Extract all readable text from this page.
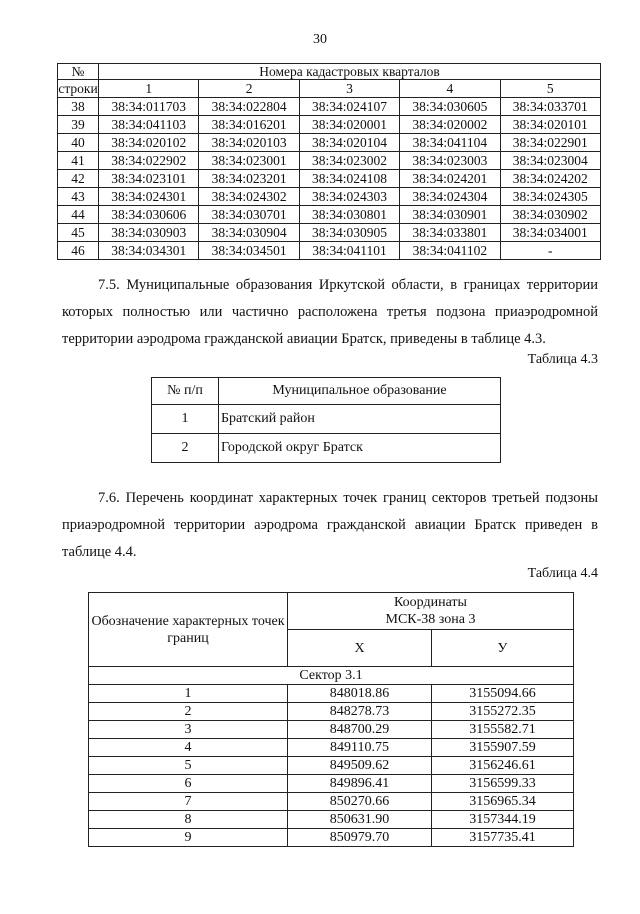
30
№	Номера кадастровых кварталов				
строки	1	2	3	4	5
38	38:34:011703	38:34:022804	38:34:024107	38:34:030605	38:34:033701
39	38:34:041103	38:34:016201	38:34:020001	38:34:020002	38:34:020101
40	38:34:020102	38:34:020103	38:34:020104	38:34:041104	38:34:022901
41	38:34:022902	38:34:023001	38:34:023002	38:34:023003	38:34:023004
42	38:34:023101	38:34:023201	38:34:024108	38:34:024201	38:34:024202
43	38:34:024301	38:34:024302	38:34:024303	38:34:024304	38:34:024305
44	38:34:030606	38:34:030701	38:34:030801	38:34:030901	38:34:030902
45	38:34:030903	38:34:030904	38:34:030905	38:34:033801	38:34:034001
46	38:34:034301	38:34:034501	38:34:041101	38:34:041102	-
7.5. Муниципальные образования Иркутской области, в границах территории которых полностью или частично расположена третья подзона приаэродромной территории аэродрома гражданской авиации Братск, приведены в таблице 4.3.
Таблица 4.3
№ п/п	Муниципальное образование
1	Братский район
2	Городской округ Братск
7.6. Перечень координат характерных точек границ секторов третьей подзоны приаэродромной территории аэродрома гражданской авиации Братск приведен в таблице 4.4.
Таблица 4.4
Обозначение характерных точек границ	Координаты
МСК-38 зона 3	

	X	У
Сектор 3.1		
1	848018.86	3155094.66
2	848278.73	3155272.35
3	848700.29	3155582.71
4	849110.75	3155907.59
5	849509.62	3156246.61
6	849896.41	3156599.33
7	850270.66	3156965.34
8	850631.90	3157344.19
9	850979.70	3157735.41
